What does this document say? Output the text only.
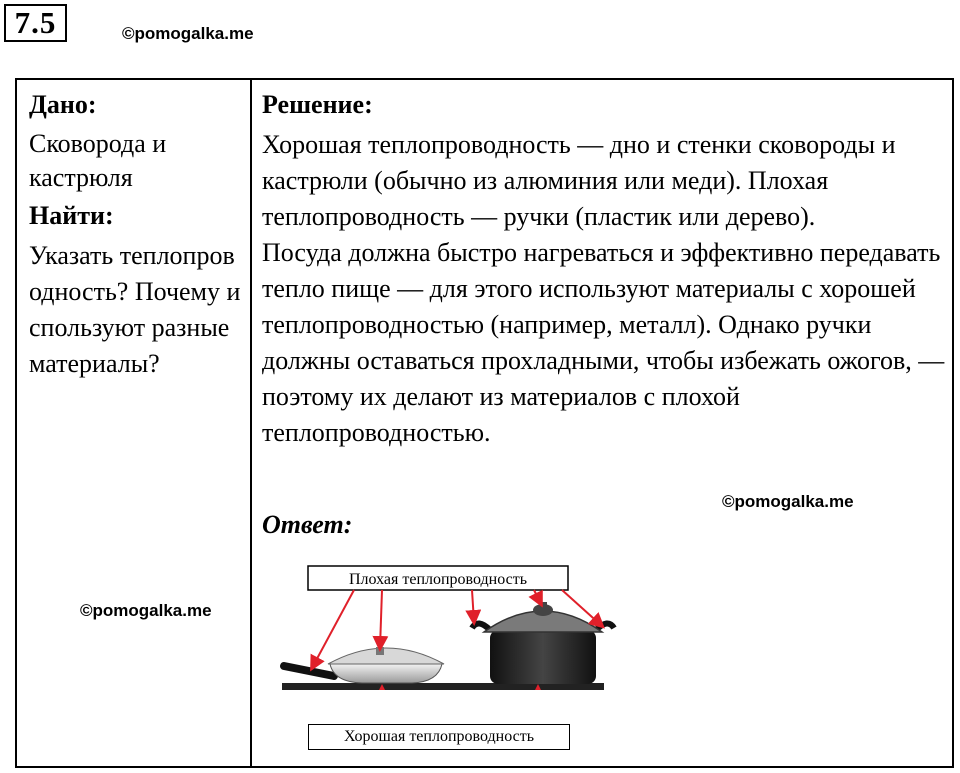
7.5	©pomogalka.me
Дано:
Сковорода и кастрюля
Найти:
Указать теплопроводность? Почему используют разные материалы?
Решение:

Хорошая теплопроводность — дно и стенки сковороды и кастрюли (обычно из алюминия или меди). Плохая теплопроводность — ручки (пластик или дерево).

Посуда должна быстро нагреваться и эффективно передавать тепло пище — для этого используют материалы с хорошей теплопроводностью (например, металл). Однако ручки должны оставаться прохладными, чтобы избежать ожогов, — поэтому их делают из материалов с плохой теплопроводностью.

Ответ:
©pomogalka.me
©pomogalka.me
Плохая теплопроводность
Хорошая теплопроводность
